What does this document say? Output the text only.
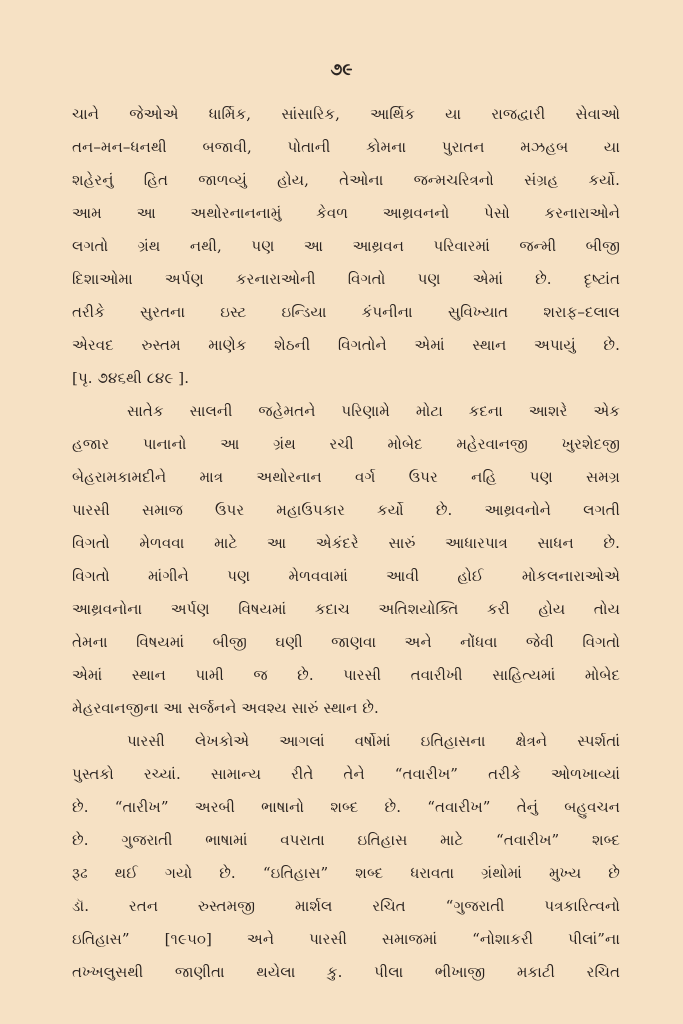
૭૯
ચાને જેઓએ ધાર્મિક, સાંસારિક, આર્થિક યા રાજદ્વારી સેવાઓ
તન–મન–ધનથી બજાવી, પોતાની કોમના પુરાતન મઝહબ યા
શહેરનું હિત જાળવ્યું હોય, તેઓના જન્મચરિત્રનો સંગ્રહ કર્યો.
આમ આ અથોરનાનનામું કેવળ આથ્રવનનો પેસો કરનારાઓને
લગતો ગ્રંથ નથી, પણ આ આથ્રવન પરિવારમાં જન્મી બીજી
દિશાઓમા અર્પણ કરનારાઓની વિગતો પણ એમાં છે. દૃષ્ટાંત
તરીકે સુરતના ઇસ્ટ ઇન્ડિયા કંપનીના સુવિખ્યાત શરાફ–દલાલ
એરવદ રુસ્તમ માણેક શેઠની વિગતોને એમાં સ્થાન અપાયું છે.
[પૃ. ૭૪૬થી ૮૪૯ ].
સાતેક સાલની જહેમતને પરિણામે મોટા કદના આશરે એક
હજાર પાનાનો આ ગ્રંથ રચી મોબેદ મહેરવાનજી ખુરશેદજી
બેહરામકામદીને માત્ર અથોરનાન વર્ગ ઉપર નહિ પણ સમગ્ર
પારસી સમાજ ઉપર મહાઉપકાર કર્યો છે. આથ્રવનોને લગતી
વિગતો મેળવવા માટે આ એકંદરે સારું આધારપાત્ર સાધન છે.
વિગતો માંગીને પણ મેળવવામાં આવી હોઈ મોકલનારાઓએ
આથ્રવનોના અર્પણ વિષયમાં કદાચ અતિશયોક્તિ કરી હોય તોય
તેમના વિષયમાં બીજી ઘણી જાણવા અને નોંધવા જેવી વિગતો
એમાં સ્થાન પામી જ છે. પારસી તવારીખી સાહિત્યમાં મોબેદ
મેહરવાનજીના આ સર્જનને અવશ્ય સારું સ્થાન છે.
પારસી લેખકોએ આગલાં વર્ષોમાં ઇતિહાસના ક્ષેત્રને સ્પર્શતાં
પુસ્તકો રચ્યાં. સામાન્ય રીતે તેને “તવારીખ” તરીકે ઓળખાવ્યાં
છે. “તારીખ” અરબી ભાષાનો શબ્દ છે. “તવારીખ” તેનું બહુવચન
છે. ગુજરાતી ભાષામાં વપરાતા ઇતિહાસ માટે “તવારીખ” શબ્દ
રૂઢ થઈ ગયો છે. “ઇતિહાસ” શબ્દ ધરાવતા ગ્રંથોમાં મુખ્ય છે
ડૉ. રતન રુસ્તમજી માર્શલ રચિત “ગુજરાતી પત્રકારિત્વનો
ઇતિહાસ” [૧૯૫૦] અને પારસી સમાજમાં “નોશાકરી પીલાં”ના
તખ્ખલુસથી જાણીતા થયેલા કુ. પીલા ભીખાજી મકાટી રચિત
